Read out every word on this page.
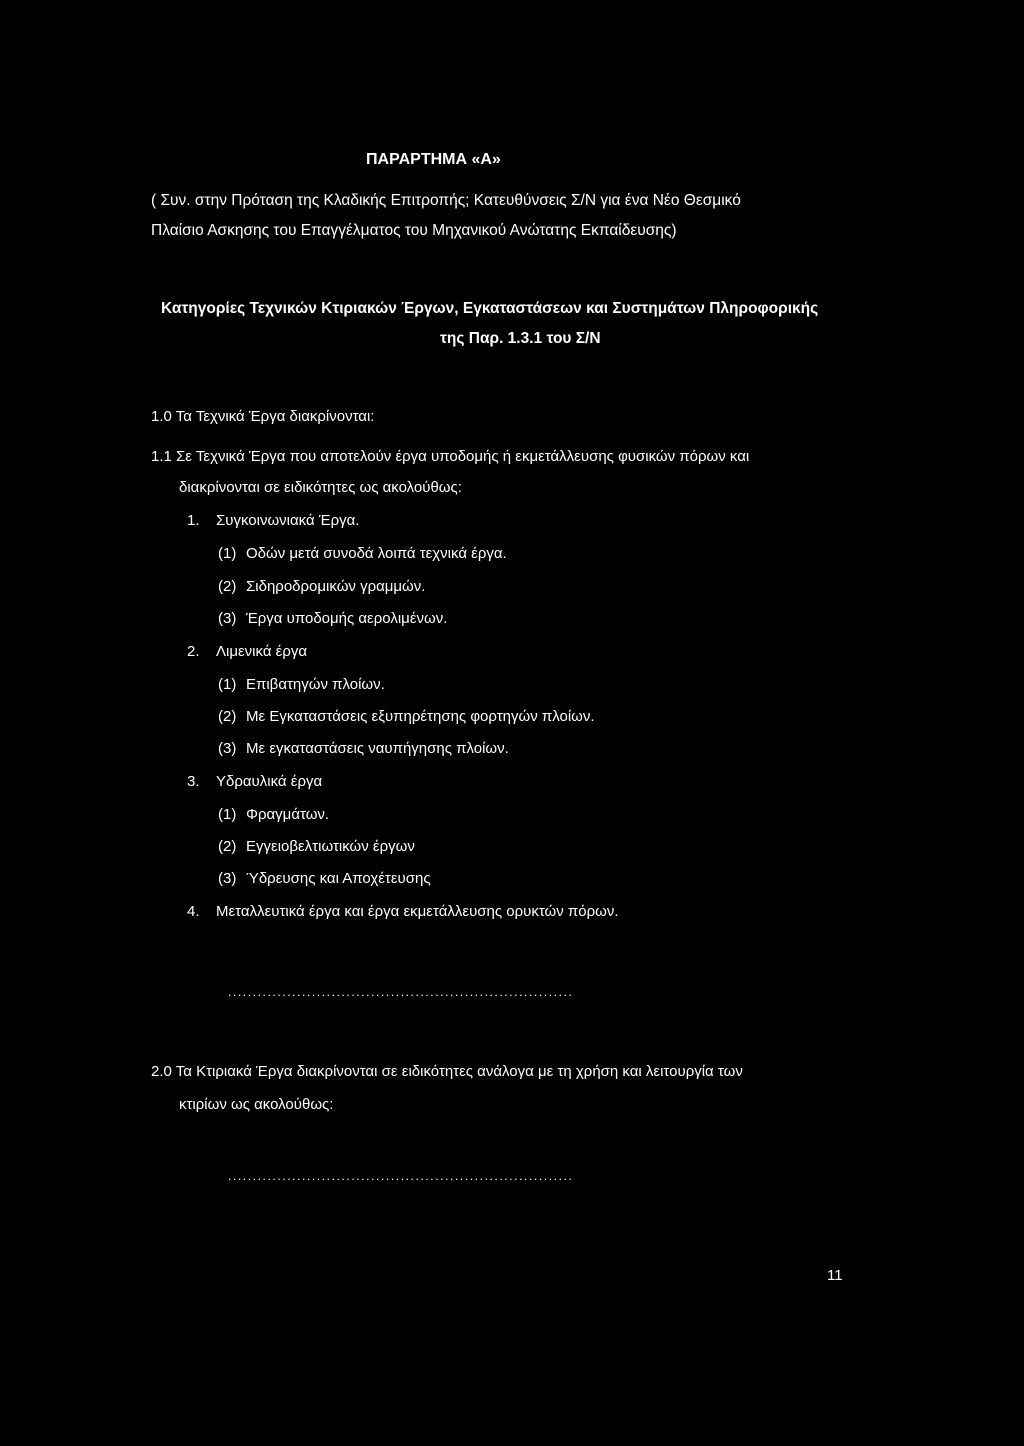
ΠΑΡΑΡΤΗΜΑ «Α»
( Συν. στην Πρόταση της Κλαδικής Επιτροπής; Κατευθύνσεις Σ/Ν για ένα Νέο Θεσμικό
Πλαίσιο Ασκησης του Επαγγέλματος του Μηχανικού Ανώτατης Εκπαίδευσης)
Κατηγορίες Τεχνικών Κτιριακών Έργων, Εγκαταστάσεων και Συστημάτων Πληροφορικής
της Παρ. 1.3.1 του Σ/Ν
1.0 Τα Τεχνικά Έργα διακρίνονται:
1.1 Σε Τεχνικά Έργα που αποτελούν έργα υποδομής ή εκμετάλλευσης φυσικών πόρων και
διακρίνονται σε ειδικότητες ως ακολούθως:
1. Συγκοινωνιακά Έργα.
(1) Οδών μετά συνοδά λοιπά τεχνικά έργα.
(2) Σιδηροδρομικών γραμμών.
(3) Έργα υποδομής αερολιμένων.
2. Λιμενικά έργα
(1) Επιβατηγών πλοίων.
(2) Με Εγκαταστάσεις εξυπηρέτησης φορτηγών πλοίων.
(3) Με εγκαταστάσεις ναυπήγησης πλοίων.
3. Υδραυλικά έργα
(1) Φραγμάτων.
(2) Εγγειοβελτιωτικών έργων
(3) Ύδρευσης και Αποχέτευσης
4. Μεταλλευτικά έργα και έργα εκμετάλλευσης ορυκτών πόρων.
......................................................................
2.0 Τα Κτιριακά Έργα διακρίνονται σε ειδικότητες ανάλογα με τη χρήση και λειτουργία των
κτιρίων ως ακολούθως:
......................................................................
11
